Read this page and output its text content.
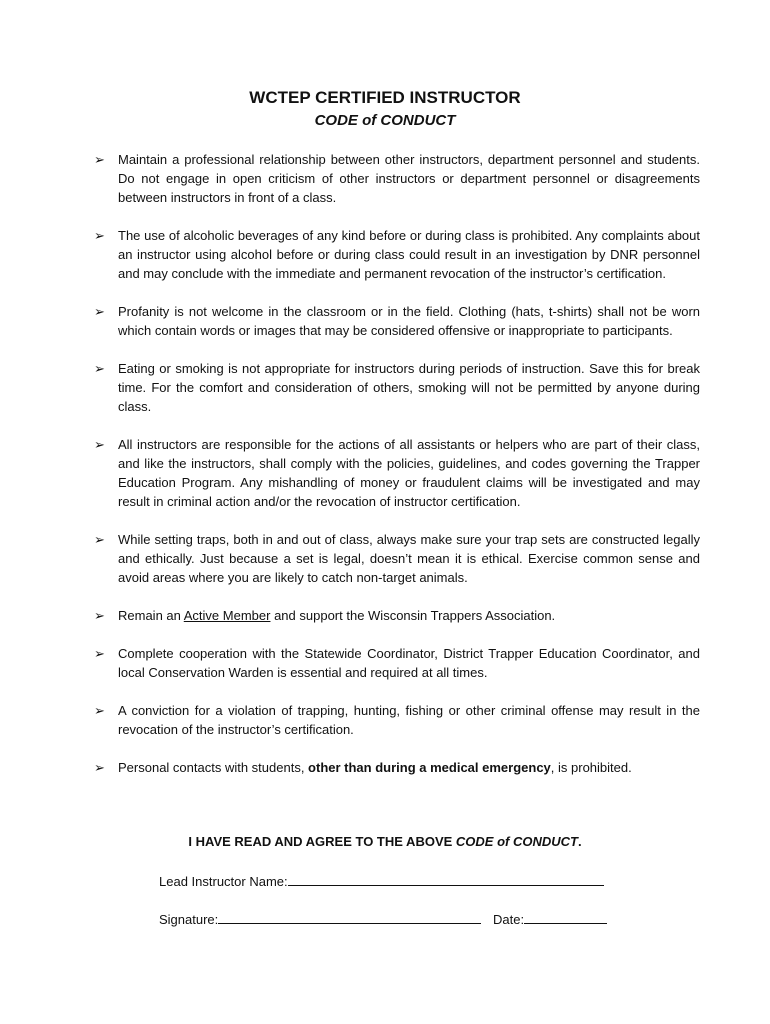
WCTEP CERTIFIED INSTRUCTOR
CODE of CONDUCT
➢	Maintain a professional relationship between other instructors, department personnel and students. Do not engage in open criticism of other instructors or department personnel or disagreements between instructors in front of a class.
➢	The use of alcoholic beverages of any kind before or during class is prohibited. Any complaints about an instructor using alcohol before or during class could result in an investigation by DNR personnel and may conclude with the immediate and permanent revocation of the instructor’s certification.
➢	Profanity is not welcome in the classroom or in the field. Clothing (hats, t-shirts) shall not be worn which contain words or images that may be considered offensive or inappropriate to participants.
➢	Eating or smoking is not appropriate for instructors during periods of instruction. Save this for break time. For the comfort and consideration of others, smoking will not be permitted by anyone during class.
➢	All instructors are responsible for the actions of all assistants or helpers who are part of their class, and like the instructors, shall comply with the policies, guidelines, and codes governing the Trapper Education Program. Any mishandling of money or fraudulent claims will be investigated and may result in criminal action and/or the revocation of instructor certification.
➢	While setting traps, both in and out of class, always make sure your trap sets are constructed legally and ethically. Just because a set is legal, doesn’t mean it is ethical. Exercise common sense and avoid areas where you are likely to catch non-target animals.
➢	Remain an Active Member and support the Wisconsin Trappers Association.
➢	Complete cooperation with the Statewide Coordinator, District Trapper Education Coordinator, and local Conservation Warden is essential and required at all times.
➢	A conviction for a violation of trapping, hunting, fishing or other criminal offense may result in the revocation of the instructor’s certification.
➢	Personal contacts with students, other than during a medical emergency, is prohibited.
I HAVE READ AND AGREE TO THE ABOVE CODE of CONDUCT.
Lead Instructor Name:
Signature:	Date:
